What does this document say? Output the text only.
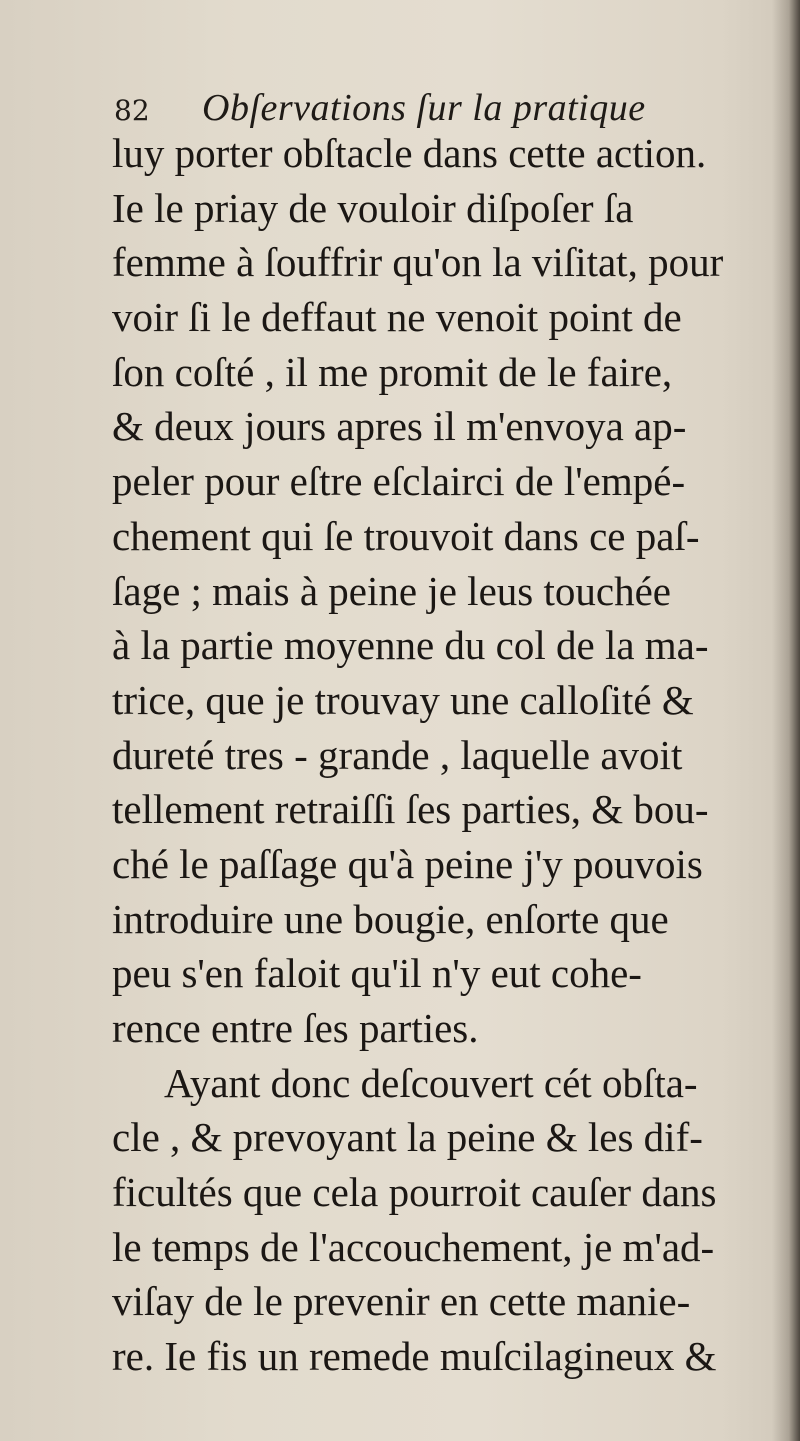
82 Obſervations ſur la pratique
luy porter obſtacle dans cette action.
Ie le priay de vouloir diſpoſer ſa
femme à ſouffrir qu'on la viſitat, pour
voir ſi le deffaut ne venoit point de
ſon coſté , il me promit de le faire,
& deux jours apres il m'envoya ap-
peler pour eſtre eſclairci de l'empé-
chement qui ſe trouvoit dans ce paſ-
ſage ; mais à peine je leus touchée
à la partie moyenne du col de la ma-
trice, que je trouvay une calloſité &
dureté tres - grande , laquelle avoit
tellement retraiſſi ſes parties, & bou-
ché le paſſage qu'à peine j'y pouvois
introduire une bougie, enſorte que
peu s'en faloit qu'il n'y eut cohe-
rence entre ſes parties.
Ayant donc deſcouvert cét obſta-
cle , & prevoyant la peine & les dif-
ficultés que cela pourroit cauſer dans
le temps de l'accouchement, je m'ad-
viſay de le prevenir en cette manie-
re. Ie fis un remede muſcilagineux &
